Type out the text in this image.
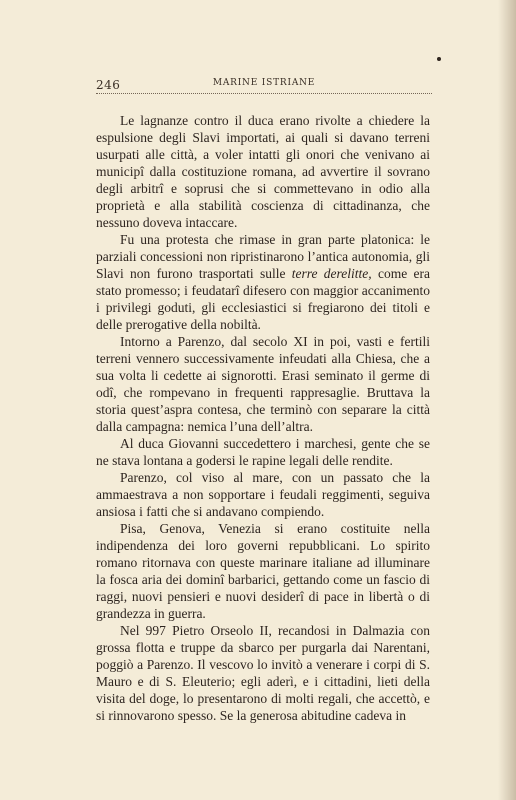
246	MARINE ISTRIANE

Le lagnanze contro il duca erano rivolte a chiedere la espulsione degli Slavi importati, ai quali si davano terreni usurpati alle città, a voler intatti gli onori che venivano ai municipî dalla costituzione romana, ad avvertire il sovrano degli arbitrî e soprusi che si commettevano in odio alla proprietà e alla stabilità coscienza di cittadinanza, che nessuno doveva intaccare.

Fu una protesta che rimase in gran parte platonica: le parziali concessioni non ripristinarono l’antica autonomia, gli Slavi non furono trasportati sulle terre derelitte, come era stato promesso; i feudatarî difesero con maggior accanimento i privilegi goduti, gli ecclesiastici si fregiarono dei titoli e delle prerogative della nobiltà.

Intorno a Parenzo, dal secolo XI in poi, vasti e fertili terreni vennero successivamente infeudati alla Chiesa, che a sua volta li cedette ai signorotti. Erasi seminato il germe di odî, che rompevano in frequenti rappresaglie. Bruttava la storia quest’aspra contesa, che terminò con separare la città dalla campagna: nemica l’una dell’altra.

Al duca Giovanni succedettero i marchesi, gente che se ne stava lontana a godersi le rapine legali delle rendite.

Parenzo, col viso al mare, con un passato che la ammaestrava a non sopportare i feudali reggimenti, seguiva ansiosa i fatti che si andavano compiendo.

Pisa, Genova, Venezia si erano costituite nella indipendenza dei loro governi repubblicani. Lo spirito romano ritornava con queste marinare italiane ad illuminare la fosca aria dei dominî barbarici, gettando come un fascio di raggi, nuovi pensieri e nuovi desiderî di pace in libertà o di grandezza in guerra.

Nel 997 Pietro Orseolo II, recandosi in Dalmazia con grossa flotta e truppe da sbarco per purgarla dai Narentani, poggiò a Parenzo. Il vescovo lo invitò a venerare i corpi di S. Mauro e di S. Eleuterio; egli aderì, e i cittadini, lieti della visita del doge, lo presentarono di molti regali, che accettò, e si rinnovarono spesso. Se la generosa abitudine cadeva in
